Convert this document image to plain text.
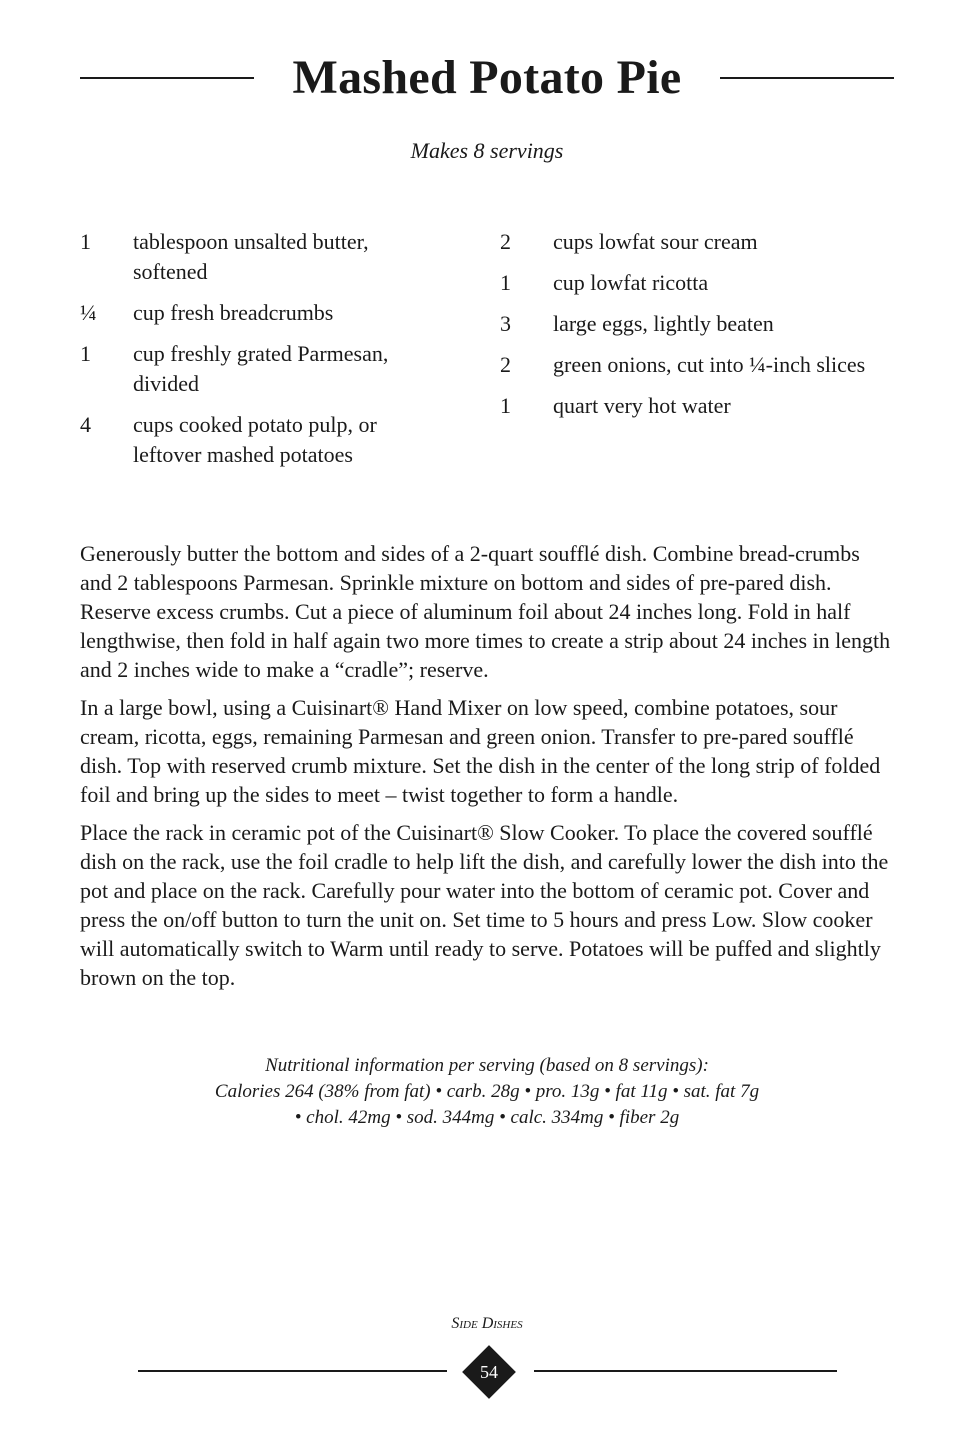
Mashed Potato Pie
Makes 8 servings
1	tablespoon unsalted butter, softened
¼	cup fresh breadcrumbs
1	cup freshly grated Parmesan, divided
4	cups cooked potato pulp, or leftover mashed potatoes
2	cups lowfat sour cream
1	cup lowfat ricotta
3	large eggs, lightly beaten
2	green onions, cut into ¼-inch slices
1	quart very hot water

Generously butter the bottom and sides of a 2-quart soufflé dish. Combine bread-crumbs and 2 tablespoons Parmesan. Sprinkle mixture on bottom and sides of pre-pared dish. Reserve excess crumbs. Cut a piece of aluminum foil about 24 inches long. Fold in half lengthwise, then fold in half again two more times to create a strip about 24 inches in length and 2 inches wide to make a “cradle”; reserve.

In a large bowl, using a Cuisinart® Hand Mixer on low speed, combine potatoes, sour cream, ricotta, eggs, remaining Parmesan and green onion. Transfer to pre-pared soufflé dish. Top with reserved crumb mixture. Set the dish in the center of the long strip of folded foil and bring up the sides to meet – twist together to form a handle.

Place the rack in ceramic pot of the Cuisinart® Slow Cooker. To place the covered soufflé dish on the rack, use the foil cradle to help lift the dish, and carefully lower the dish into the pot and place on the rack. Carefully pour water into the bottom of ceramic pot. Cover and press the on/off button to turn the unit on. Set time to 5 hours and press Low. Slow cooker will automatically switch to Warm until ready to serve. Potatoes will be puffed and slightly brown on the top.

Nutritional information per serving (based on 8 servings):
Calories 264 (38% from fat) • carb. 28g • pro. 13g • fat 11g • sat. fat 7g
• chol. 42mg • sod. 344mg • calc. 334mg • fiber 2g
Side Dishes
54
